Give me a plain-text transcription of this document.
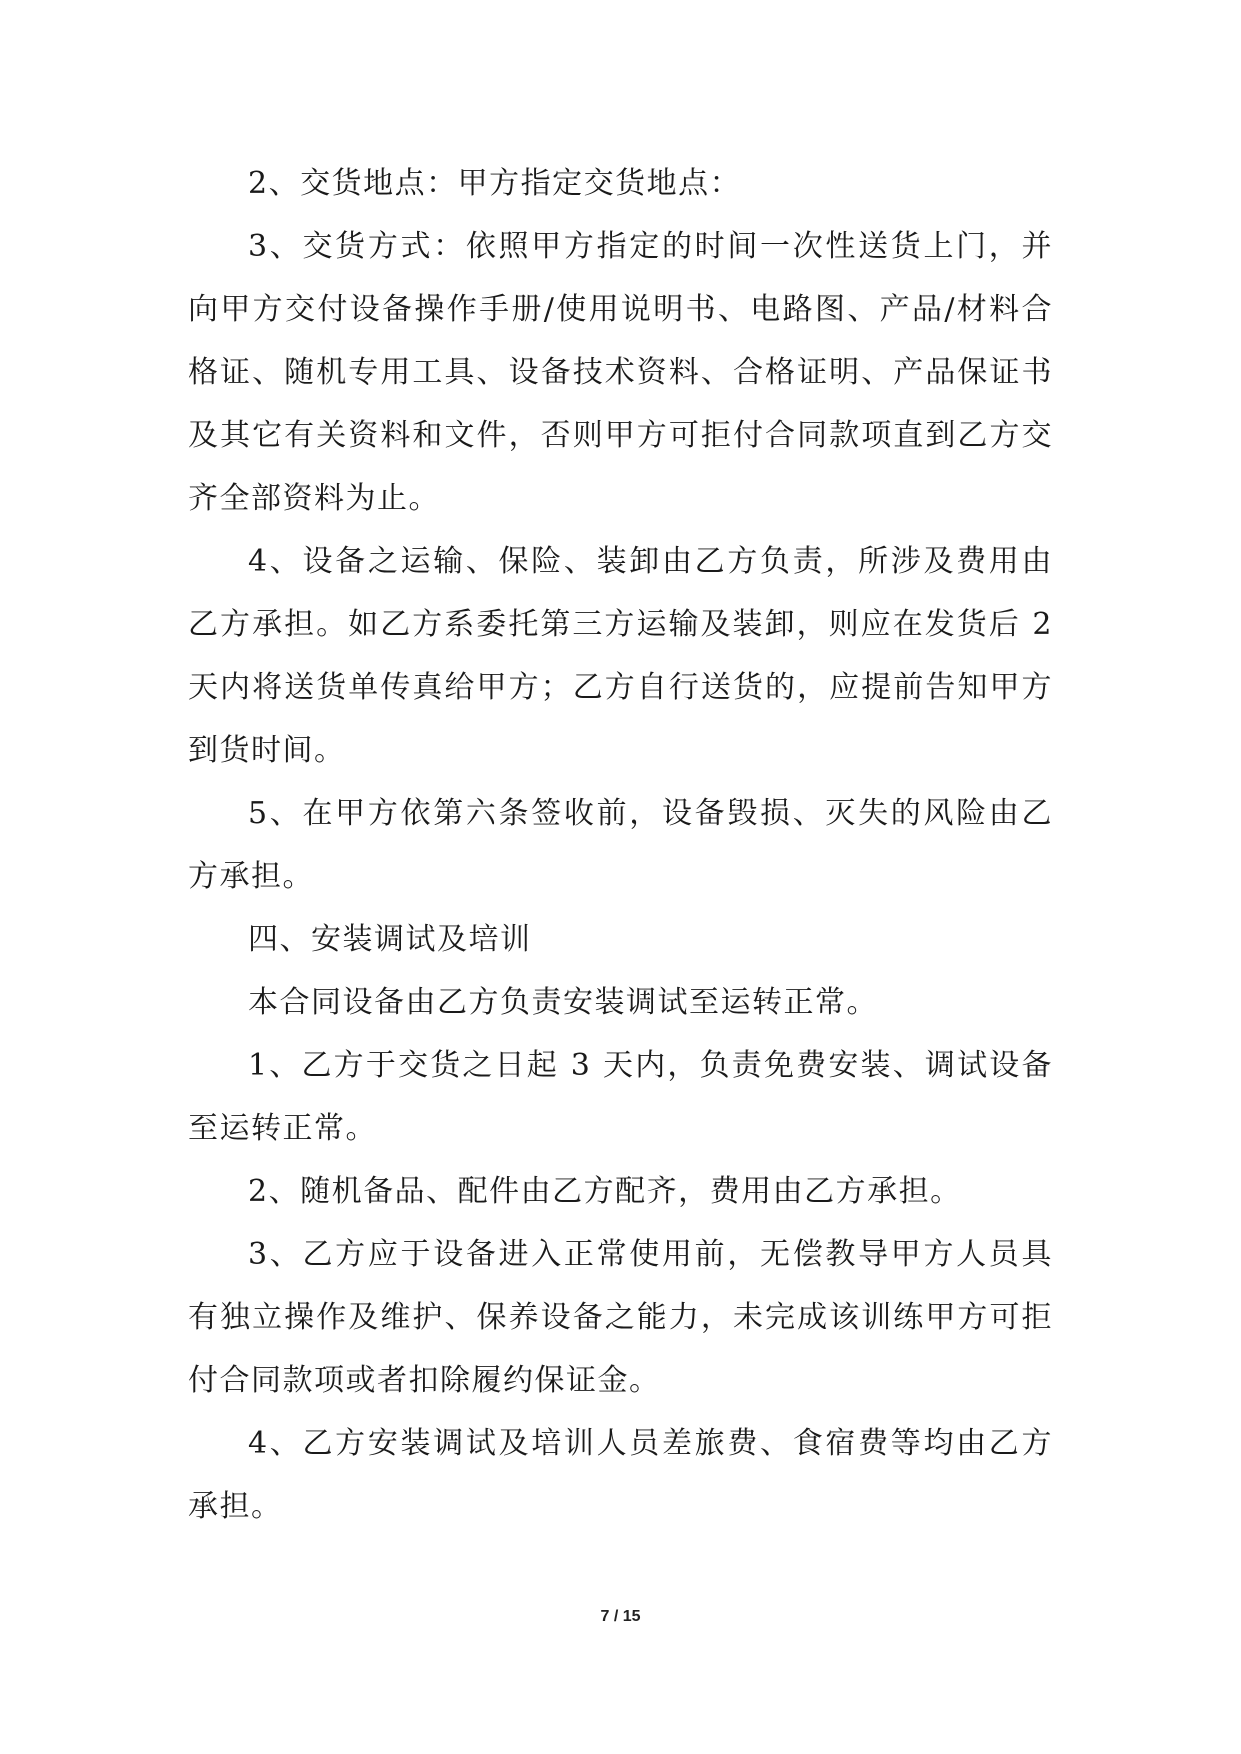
2、交货地点：甲方指定交货地点：

3、交货方式：依照甲方指定的时间一次性送货上门，并向甲方交付设备操作手册/使用说明书、电路图、产品/材料合格证、随机专用工具、设备技术资料、合格证明、产品保证书及其它有关资料和文件，否则甲方可拒付合同款项直到乙方交齐全部资料为止。

4、设备之运输、保险、装卸由乙方负责，所涉及费用由乙方承担。如乙方系委托第三方运输及装卸，则应在发货后 2 天内将送货单传真给甲方；乙方自行送货的，应提前告知甲方到货时间。

5、在甲方依第六条签收前，设备毁损、灭失的风险由乙方承担。

四、安装调试及培训

本合同设备由乙方负责安装调试至运转正常。

1、乙方于交货之日起 3 天内，负责免费安装、调试设备至运转正常。

2、随机备品、配件由乙方配齐，费用由乙方承担。

3、乙方应于设备进入正常使用前，无偿教导甲方人员具有独立操作及维护、保养设备之能力，未完成该训练甲方可拒付合同款项或者扣除履约保证金。

4、乙方安装调试及培训人员差旅费、食宿费等均由乙方承担。

7 / 15
